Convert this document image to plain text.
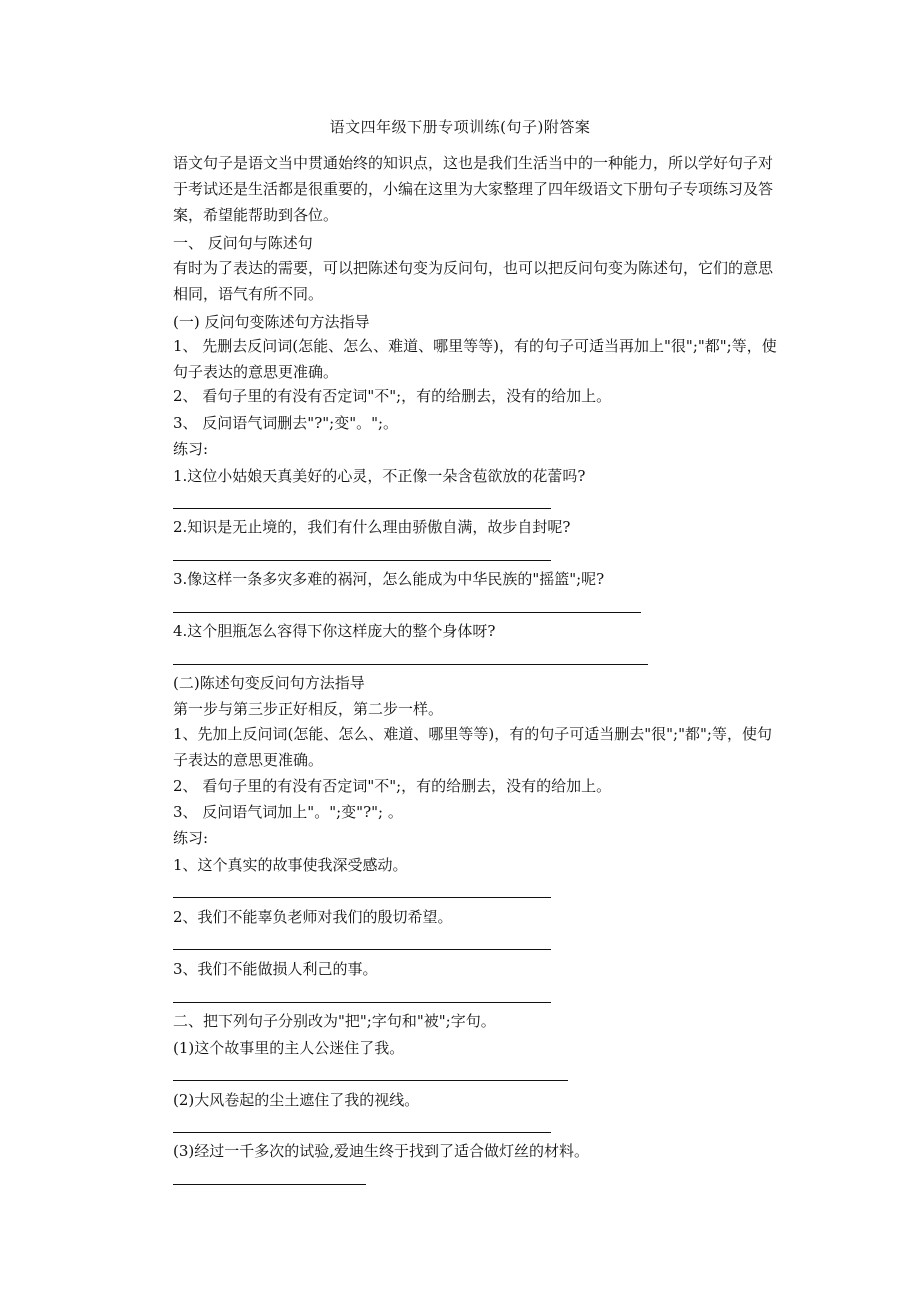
语文四年级下册专项训练(句子)附答案
语文句子是语文当中贯通始终的知识点，这也是我们生活当中的一种能力，所以学好句子对于考试还是生活都是很重要的，小编在这里为大家整理了四年级语文下册句子专项练习及答案，希望能帮助到各位。
一、 反问句与陈述句
有时为了表达的需要，可以把陈述句变为反问句，也可以把反问句变为陈述句，它们的意思相同，语气有所不同。
(一) 反问句变陈述句方法指导
1、 先删去反问词(怎能、怎么、难道、哪里等等)，有的句子可适当再加上"很";"都";等，使句子表达的意思更准确。
2、 看句子里的有没有否定词"不";，有的给删去，没有的给加上。
3、 反问语气词删去"?";变"。";。
练习:
1.这位小姑娘天真美好的心灵，不正像一朵含苞欲放的花蕾吗?
2.知识是无止境的，我们有什么理由骄傲自满，故步自封呢?
3.像这样一条多灾多难的祸河，怎么能成为中华民族的"摇篮";呢?
4.这个胆瓶怎么容得下你这样庞大的整个身体呀?
(二)陈述句变反问句方法指导
第一步与第三步正好相反，第二步一样。
1、先加上反问词(怎能、怎么、难道、哪里等等)，有的句子可适当删去"很";"都";等，使句子表达的意思更准确。
2、 看句子里的有没有否定词"不";，有的给删去，没有的给加上。
3、 反问语气词加上"。";变"?"; 。
练习:
1、这个真实的故事使我深受感动。
2、我们不能辜负老师对我们的殷切希望。
3、我们不能做损人利己的事。
二、把下列句子分别改为"把";字句和"被";字句。
(1)这个故事里的主人公迷住了我。
(2)大风卷起的尘土遮住了我的视线。
(3)经过一千多次的试验,爱迪生终于找到了适合做灯丝的材料。
